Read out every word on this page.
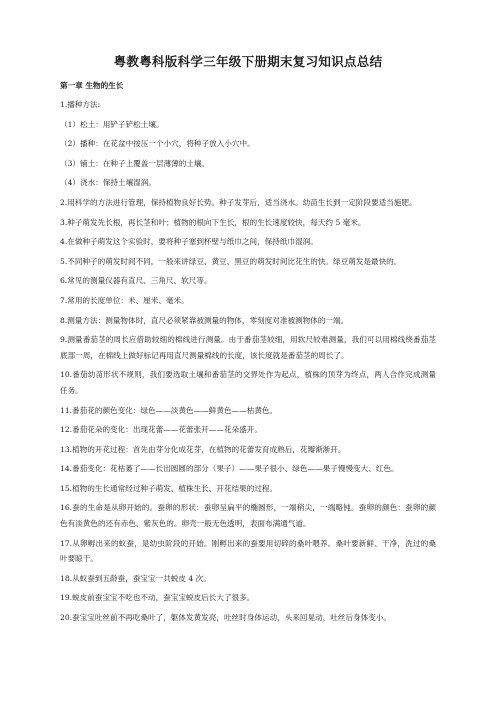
粤教粤科版科学三年级下册期末复习知识点总结
第一章 生物的生长

1.播种方法:

（1）松土：用铲子铲松土壤。

（2）播种：在花盆中按压一个小穴，将种子放入小穴中。

（3）铺土：在种子上覆盖一层薄薄的土壤。

（4）浇水：保持土壤湿润。

2.用科学的方法进行管理，保持植物良好长势。种子发芽后，适当浇水。幼苗生长到一定阶段要适当施肥。

3.种子萌发先长根，再长茎和叶；植物的根向下生长，根的生长速度较快，每天约 5 毫米。

4.在做种子萌发这个实验时，要将种子塞到杯壁与纸巾之间，保持纸巾湿润。

5.不同种子的萌发时间不同。一般来讲绿豆、黄豆、黑豆的萌发时间比花生的快。绿豆萌发是最快的。

6.常见的测量仪器有直尺、三角尺、软尺等。

7.常用的长度单位：米、厘米、毫米。

8.测量方法：测量物体时，直尺必须紧靠被测量的物体，零刻度对准被测物体的一端。

9.测量番茄茎的周长应借助较细的棉线进行测量。由于番茄茎较细，用软尺较难测量，我们可以用棉线绕番茄茎底部一周，在棉线上做好标记再用直尺测量棉线的长度，该长度就是番茄茎的周长了。

10.番茄幼苗形状不规则，我们要选取土壤和番茄茎的交界处作为起点，植株的顶芽为终点，两人合作完成测量任务。

11.番茄花的颜色变化：绿色——淡黄色——鲜黄色——枯黄色。

12.番茄花朵的变化：出现花蕾——花蕾张开——花朵盛开。

13.植物的开花过程：首先由芽分化成花芽，在植物的花蕾发育成熟后，花瓣渐渐开。

14.番茄变化：花枯萎了——长出圆圆的部分（果子）——果子很小、绿色——果子慢慢变大、红色。

15.植物的生长通常经过种子萌发、植株生长、开花结果的过程。

16.蚕的生命是从卵开始的。蚕卵的形状：蚕卵呈扁平的椭圆形，一端稍尖，一端略钝。蚕卵的颜色：蚕卵的颜色有淡黄色的还有赤色、紫灰色的。卵壳一般无色透明，表面布满通气道。

17.从卵孵出来的蚁蚕，是幼虫阶段的开始。刚孵出来的蚕要用切碎的桑叶喂养。桑叶要新鲜、干净，洗过的桑叶要晾干。

18.从蚁蚕到五龄蚕，蚕宝宝一共蜕皮 4 次。

19.蜕皮前蚕宝宝不吃也不动，蚕宝宝蜕皮后长大了很多。

20.蚕宝宝吐丝前不再吃桑叶了，躯体发黄发亮，吐丝时身体运动，头来回晃动，吐丝后身体变小。
